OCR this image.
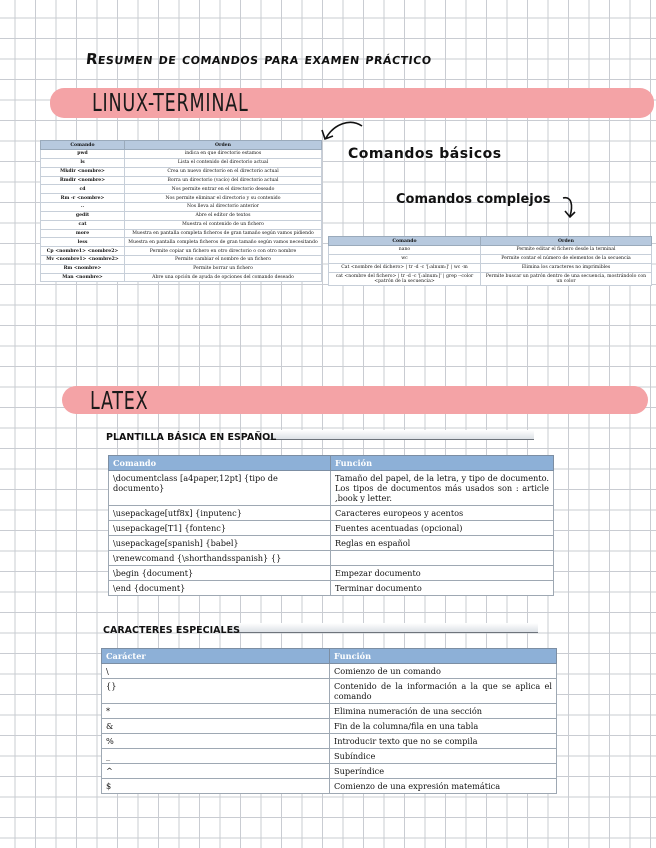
Resumen de comandos para examen práctico
LINUX-TERMINAL
Comandos básicos
Comandos complejos
Comando	Orden
pwd	indica en que directorio estamos
ls	Lista el contenido del directorio actual
Mkdir <nombre>	Crea un nuevo directorio en el directorio actual
Rmdir <nombre>	Borra un directorio (vacío) del directorio actual
cd	Nos permite entrar en el directorio deseado
Rm -r <nombre>	Nos permite eliminar el directorio y su contenido
..	Nos lleva al directorio anterior
gedit	Abre el editor de textos
cat	Muestra el contenido de un fichero
more	Muestra en pantalla completa ficheros de gran tamaño según vamos pidiendo
less	Muestra en pantalla completa ficheros de gran tamaño según vamos necesitando
Cp <nombre1> <nombre2>	Permite copiar un fichero en otro directorio o con otro nombre
Mv <nombre1> <nombre2>	Permite cambiar el nombre de un fichero
Rm <nombre>	Permite borrar un fichero
Man <nombre>	Abre una opción de ayuda de opciones del comando deseado
Comando	Orden
nano	Permite editar el fichero desde la terminal
wc	Permite contar el número de elementos de la secuencia
Cat <nombre del dichero> | tr -d -c '[:alnum:]' | wc -m	Elimina los caracteres no imprimibles
cat <nombre del fichero> | tr -d -c '[:alnum:]' | grep --color <patrón de la secuencia>	Permite buscar un patrón dentro de una secuencia, mostrándolo con un color
LATEX
PLANTILLA BÁSICA EN ESPAÑOL
Comando	Función
\documentclass [a4paper,12pt] {tipo de documento}	Tamaño del papel, de la letra, y tipo de documento. Los tipos de documentos más usados son : article ,book y letter.
\usepackage[utf8x] {inputenc}	Caracteres europeos y acentos
\usepackage[T1] {fontenc}	Fuentes acentuadas (opcional)
\usepackage[spanish] {babel}	Reglas en español
\renewcomand {\shorthandsspanish} {}	
\begin {document}	Empezar documento
\end {document}	Terminar documento
CARACTERES ESPECIALES
Carácter	Función
\	Comienzo de un comando
{}	Contenido de la información a la que se aplica el comando
*	Elimina numeración de una sección
&	Fin de la columna/fila en una tabla
%	Introducir texto que no se compila
_	Subíndice
^	Superíndice
$	Comienzo de una expresión matemática
